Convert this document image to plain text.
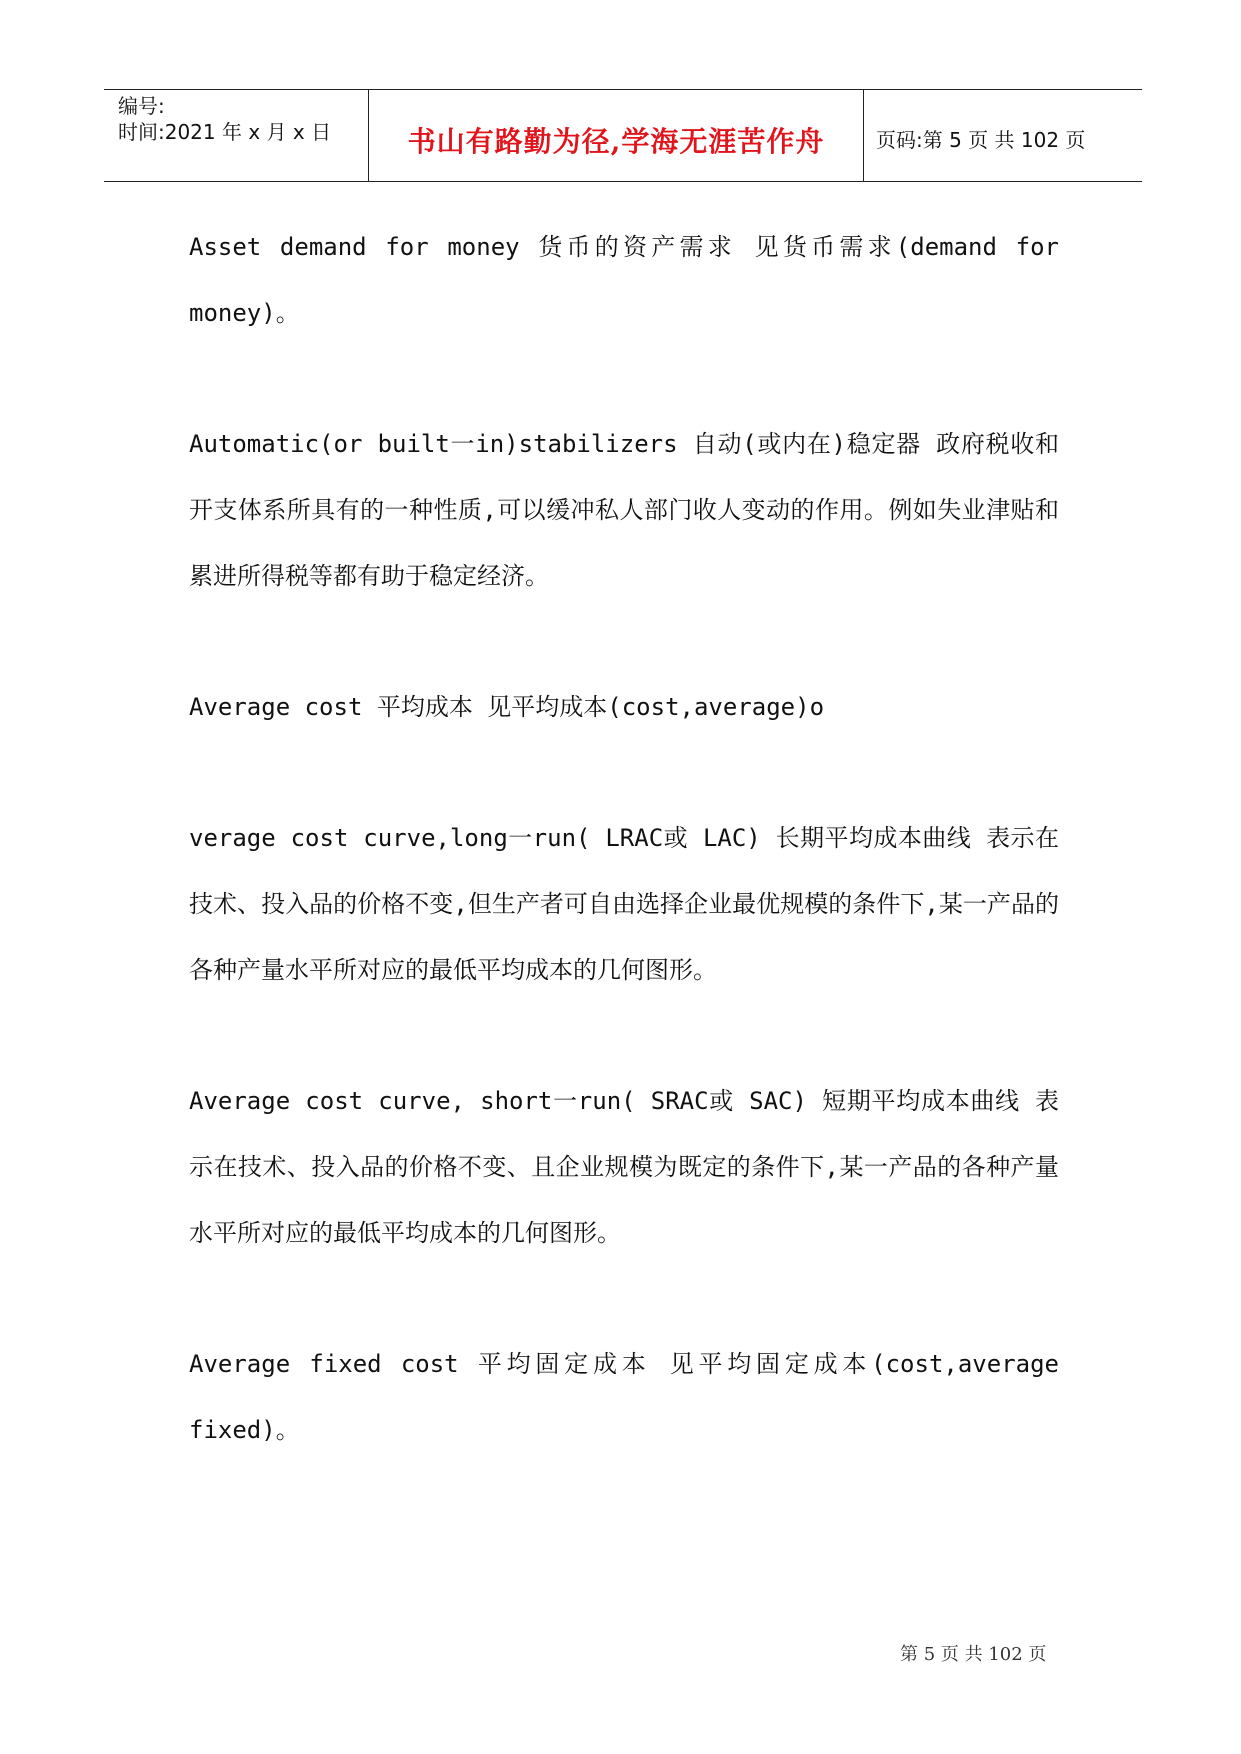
编号:
时间:2021 年 x 月 x 日	书山有路勤为径,学海无涯苦作舟	页码:第 5 页 共 102 页

Asset demand for money 货币的资产需求 见货币需求(demand for money)。

Automatic(or built一in)stabilizers 自动(或内在)稳定器 政府税收和开支体系所具有的一种性质,可以缓冲私人部门收人变动的作用。例如失业津贴和累进所得税等都有助于稳定经济。

Average cost 平均成本 见平均成本(cost,average)o

verage cost curve,long一run( LRAC或 LAC) 长期平均成本曲线 表示在技术、投入品的价格不变,但生产者可自由选择企业最优规模的条件下,某一产品的各种产量水平所对应的最低平均成本的几何图形。

Average cost curve, short一run( SRAC或 SAC) 短期平均成本曲线 表示在技术、投入品的价格不变、且企业规模为既定的条件下,某一产品的各种产量水平所对应的最低平均成本的几何图形。

Average fixed cost 平均固定成本 见平均固定成本(cost,average fixed)。

第 5 页 共 102 页
